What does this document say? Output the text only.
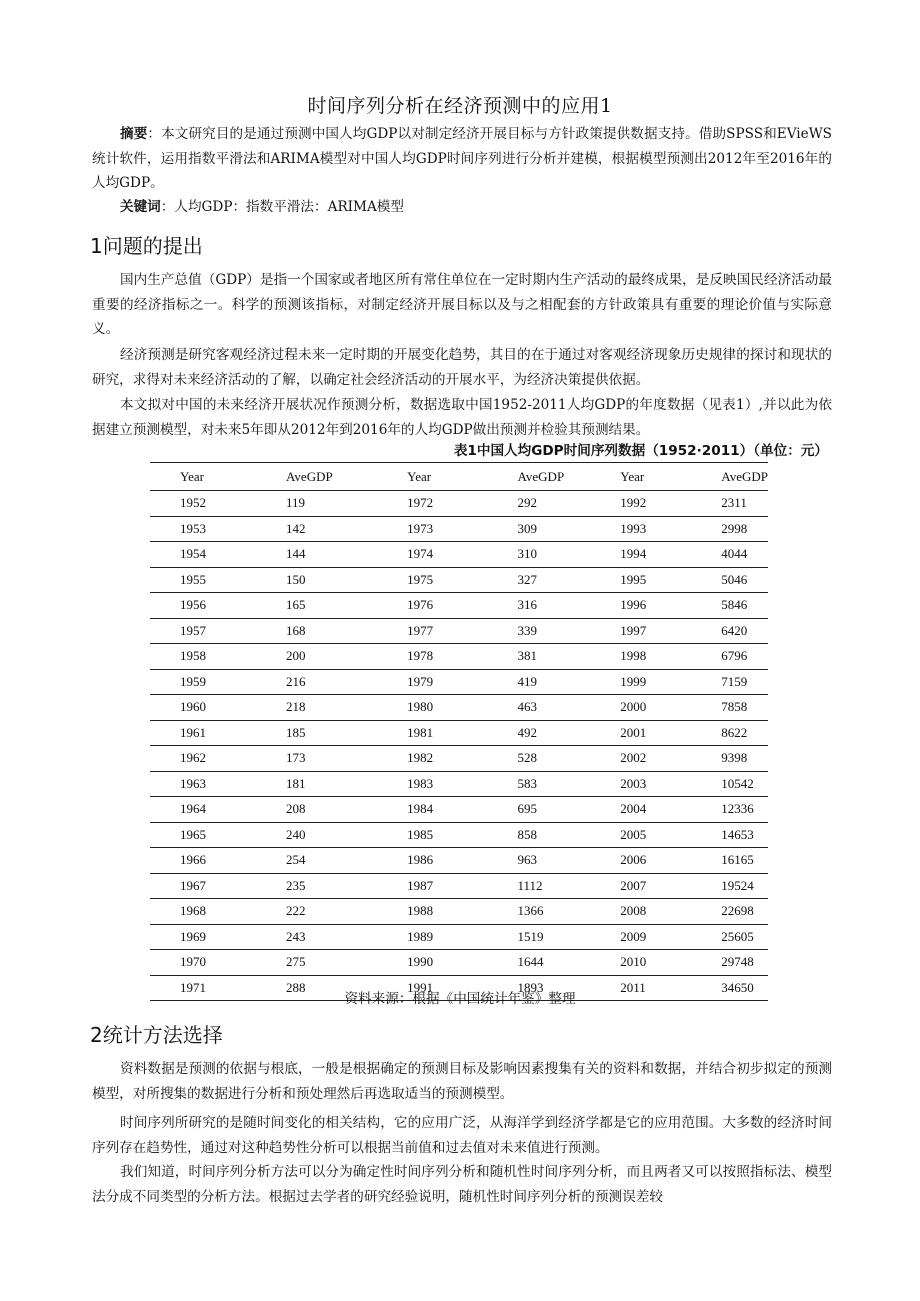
时间序列分析在经济预测中的应用1

摘要：本文研究目的是通过预测中国人均GDP以对制定经济开展目标与方针政策提供数据支持。借助SPSS和EVieWS统计软件，运用指数平滑法和ARIMA模型对中国人均GDP时间序列进行分析并建模，根据模型预测出2012年至2016年的人均GDP。

关键词：人均GDP：指数平滑法：ARIMA模型

1问题的提出

国内生产总值（GDP）是指一个国家或者地区所有常住单位在一定时期内生产活动的最终成果，是反映国民经济活动最重要的经济指标之一。科学的预测该指标，对制定经济开展目标以及与之相配套的方针政策具有重要的理论价值与实际意义。

经济预测是研究客观经济过程未来一定时期的开展变化趋势，其目的在于通过对客观经济现象历史规律的探讨和现状的研究，求得对未来经济活动的了解，以确定社会经济活动的开展水平，为经济决策提供依据。

本文拟对中国的未来经济开展状况作预测分析，数据选取中国1952-2011人均GDP的年度数据（见表1）,并以此为依据建立预测模型，对未来5年即从2012年到2016年的人均GDP做出预测并检验其预测结果。

表1中国人均GDP时间序列数据（1952·2011）（单位：元）
Year	AveGDP	Year	AveGDP	Year	AveGDP
1952	119	1972	292	1992	2311
1953	142	1973	309	1993	2998
1954	144	1974	310	1994	4044
1955	150	1975	327	1995	5046
1956	165	1976	316	1996	5846
1957	168	1977	339	1997	6420
1958	200	1978	381	1998	6796
1959	216	1979	419	1999	7159
1960	218	1980	463	2000	7858
1961	185	1981	492	2001	8622
1962	173	1982	528	2002	9398
1963	181	1983	583	2003	10542
1964	208	1984	695	2004	12336
1965	240	1985	858	2005	14653
1966	254	1986	963	2006	16165
1967	235	1987	1112	2007	19524
1968	222	1988	1366	2008	22698
1969	243	1989	1519	2009	25605
1970	275	1990	1644	2010	29748
1971	288	1991	1893	2011	34650
资料来源：根据《中国统计年鉴》整理
2统计方法选择

资料数据是预测的依据与根底，一般是根据确定的预测目标及影响因素搜集有关的资料和数据，并结合初步拟定的预测模型，对所搜集的数据进行分析和预处理然后再选取适当的预测模型。

时间序列所研究的是随时间变化的相关结构，它的应用广泛，从海洋学到经济学都是它的应用范围。大多数的经济时间序列存在趋势性，通过对这种趋势性分析可以根据当前值和过去值对未来值进行预测。

我们知道，时间序列分析方法可以分为确定性时间序列分析和随机性时间序列分析，而且两者又可以按照指标法、模型法分成不同类型的分析方法。根据过去学者的研究经验说明，随机性时间序列分析的预测误差较
